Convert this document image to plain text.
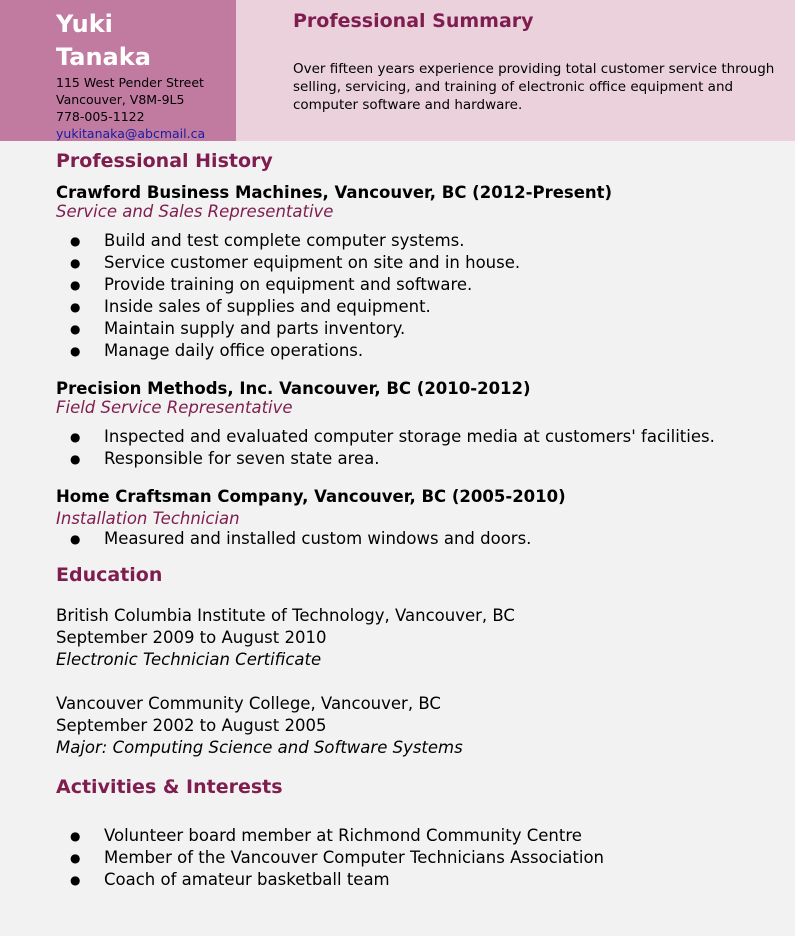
Yuki
Tanaka
115 West Pender Street
Vancouver, V8M-9L5
778-005-1122
yukitanaka@abcmail.ca
Professional Summary
Over fifteen years experience providing total customer service through selling, servicing, and training of electronic office equipment and computer software and hardware.
Professional History
Crawford Business Machines, Vancouver, BC (2012-Present)
Service and Sales Representative
● Build and test complete computer systems.
● Service customer equipment on site and in house.
● Provide training on equipment and software.
● Inside sales of supplies and equipment.
● Maintain supply and parts inventory.
● Manage daily office operations.
Precision Methods, Inc. Vancouver, BC (2010-2012)
Field Service Representative
● Inspected and evaluated computer storage media at customers' facilities.
● Responsible for seven state area.
Home Craftsman Company, Vancouver, BC (2005-2010)
Installation Technician
● Measured and installed custom windows and doors.
Education
British Columbia Institute of Technology, Vancouver, BC
September 2009 to August 2010
Electronic Technician Certificate
Vancouver Community College, Vancouver, BC
September 2002 to August 2005
Major: Computing Science and Software Systems
Activities & Interests
● Volunteer board member at Richmond Community Centre
● Member of the Vancouver Computer Technicians Association
● Coach of amateur basketball team
